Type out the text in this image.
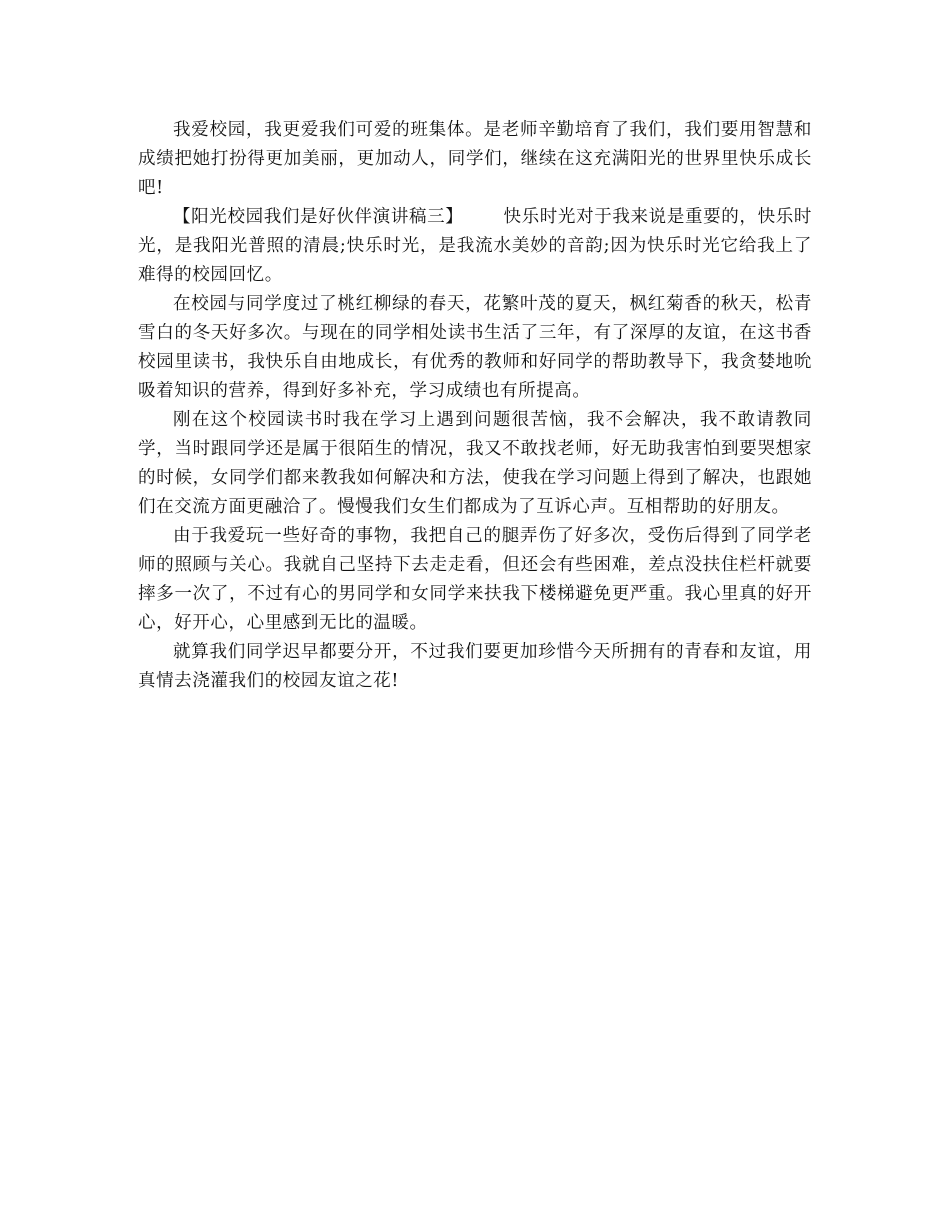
我爱校园，我更爱我们可爱的班集体。是老师辛勤培育了我们，我们要用智慧和成绩把她打扮得更加美丽，更加动人，同学们，继续在这充满阳光的世界里快乐成长吧!

【阳光校园我们是好伙伴演讲稿三】 快乐时光对于我来说是重要的，快乐时光，是我阳光普照的清晨;快乐时光，是我流水美妙的音韵;因为快乐时光它给我上了难得的校园回忆。

在校园与同学度过了桃红柳绿的春天，花繁叶茂的夏天，枫红菊香的秋天，松青雪白的冬天好多次。与现在的同学相处读书生活了三年，有了深厚的友谊，在这书香校园里读书，我快乐自由地成长，有优秀的教师和好同学的帮助教导下，我贪婪地吮吸着知识的营养，得到好多补充，学习成绩也有所提高。

刚在这个校园读书时我在学习上遇到问题很苦恼，我不会解决，我不敢请教同学，当时跟同学还是属于很陌生的情况，我又不敢找老师，好无助我害怕到要哭想家的时候，女同学们都来教我如何解决和方法，使我在学习问题上得到了解决，也跟她们在交流方面更融洽了。慢慢我们女生们都成为了互诉心声。互相帮助的好朋友。

由于我爱玩一些好奇的事物，我把自己的腿弄伤了好多次，受伤后得到了同学老师的照顾与关心。我就自己坚持下去走走看，但还会有些困难，差点没扶住栏杆就要摔多一次了，不过有心的男同学和女同学来扶我下楼梯避免更严重。我心里真的好开心，好开心，心里感到无比的温暖。

就算我们同学迟早都要分开，不过我们要更加珍惜今天所拥有的青春和友谊，用真情去浇灌我们的校园友谊之花!
